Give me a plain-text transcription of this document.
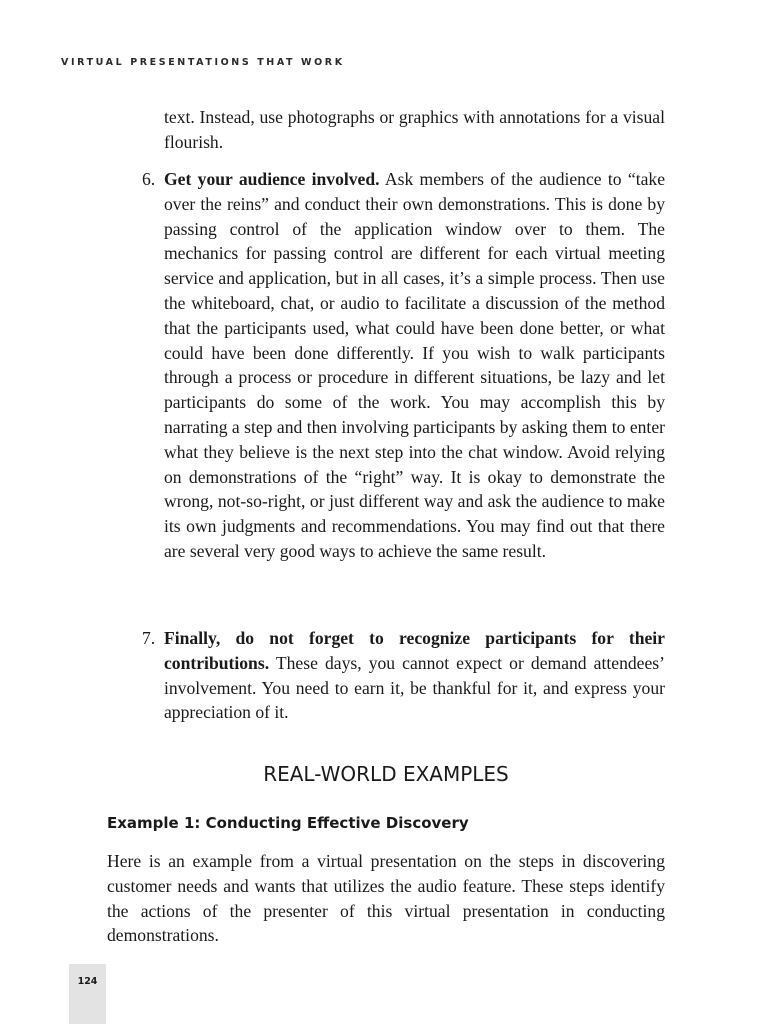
VIRTUAL PRESENTATIONS THAT WORK

text. Instead, use photographs or graphics with annotations for a visual flourish.

6. Get your audience involved. Ask members of the audience to “take over the reins” and conduct their own demonstrations. This is done by passing control of the application window over to them. The mechanics for passing control are different for each virtual meeting service and application, but in all cases, it’s a simple process. Then use the whiteboard, chat, or audio to facilitate a discussion of the method that the participants used, what could have been done better, or what could have been done differently. If you wish to walk participants through a process or procedure in different situations, be lazy and let participants do some of the work. You may accomplish this by narrating a step and then involving participants by asking them to enter what they believe is the next step into the chat window. Avoid relying on demonstrations of the “right” way. It is okay to demonstrate the wrong, not-so-right, or just different way and ask the audience to make its own judgments and recommendations. You may find out that there are several very good ways to achieve the same result.
7. Finally, do not forget to recognize participants for their contributions. These days, you cannot expect or demand attendees’ involvement. You need to earn it, be thankful for it, and express your appreciation of it.
REAL-WORLD EXAMPLES
Example 1: Conducting Effective Discovery

Here is an example from a virtual presentation on the steps in discovering customer needs and wants that utilizes the audio feature. These steps identify the actions of the presenter of this virtual presentation in conducting demonstrations.

124
